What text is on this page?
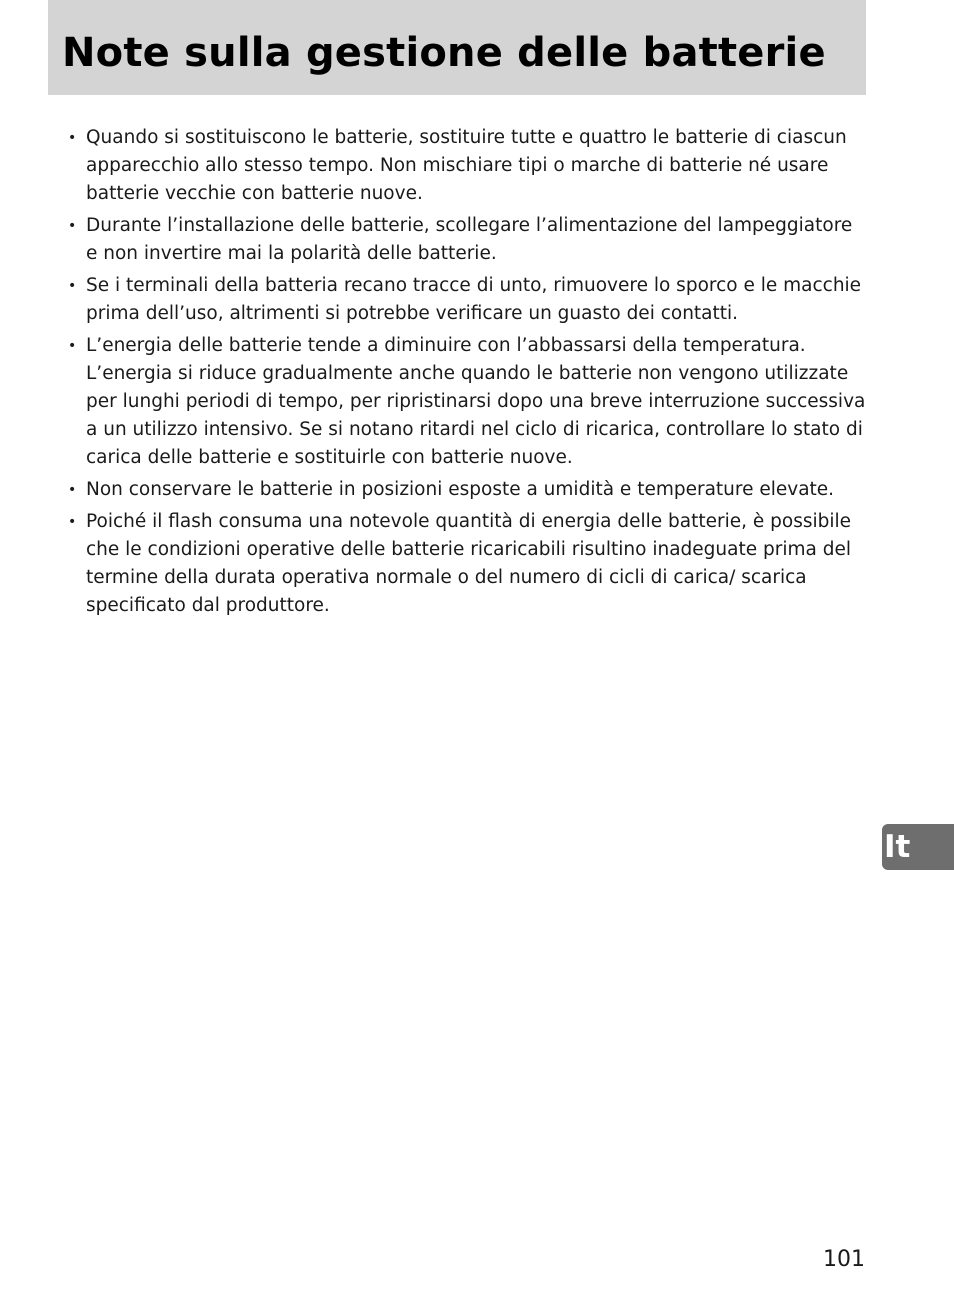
Note sulla gestione delle batterie
• Quando si sostituiscono le batterie, sostituire tutte e quattro le batterie di ciascun apparecchio allo stesso tempo. Non mischiare tipi o marche di batterie né usare batterie vecchie con batterie nuove.
• Durante l’installazione delle batterie, scollegare l’alimentazione del lampeggiatore e non invertire mai la polarità delle batterie.
• Se i terminali della batteria recano tracce di unto, rimuovere lo sporco e le macchie prima dell’uso, altrimenti si potrebbe verificare un guasto dei contatti.
• L’energia delle batterie tende a diminuire con l’abbassarsi della temperatura. L’energia si riduce gradualmente anche quando le batterie non vengono utilizzate per lunghi periodi di tempo, per ripristinarsi dopo una breve interruzione successiva a un utilizzo intensivo. Se si notano ritardi nel ciclo di ricarica, controllare lo stato di carica delle batterie e sostituirle con batterie nuove.
• Non conservare le batterie in posizioni esposte a umidità e temperature elevate.
• Poiché il flash consuma una notevole quantità di energia delle batterie, è possibile che le condizioni operative delle batterie ricaricabili risultino inadeguate prima del termine della durata operativa normale o del numero di cicli di carica/ scarica specificato dal produttore.
It
101
